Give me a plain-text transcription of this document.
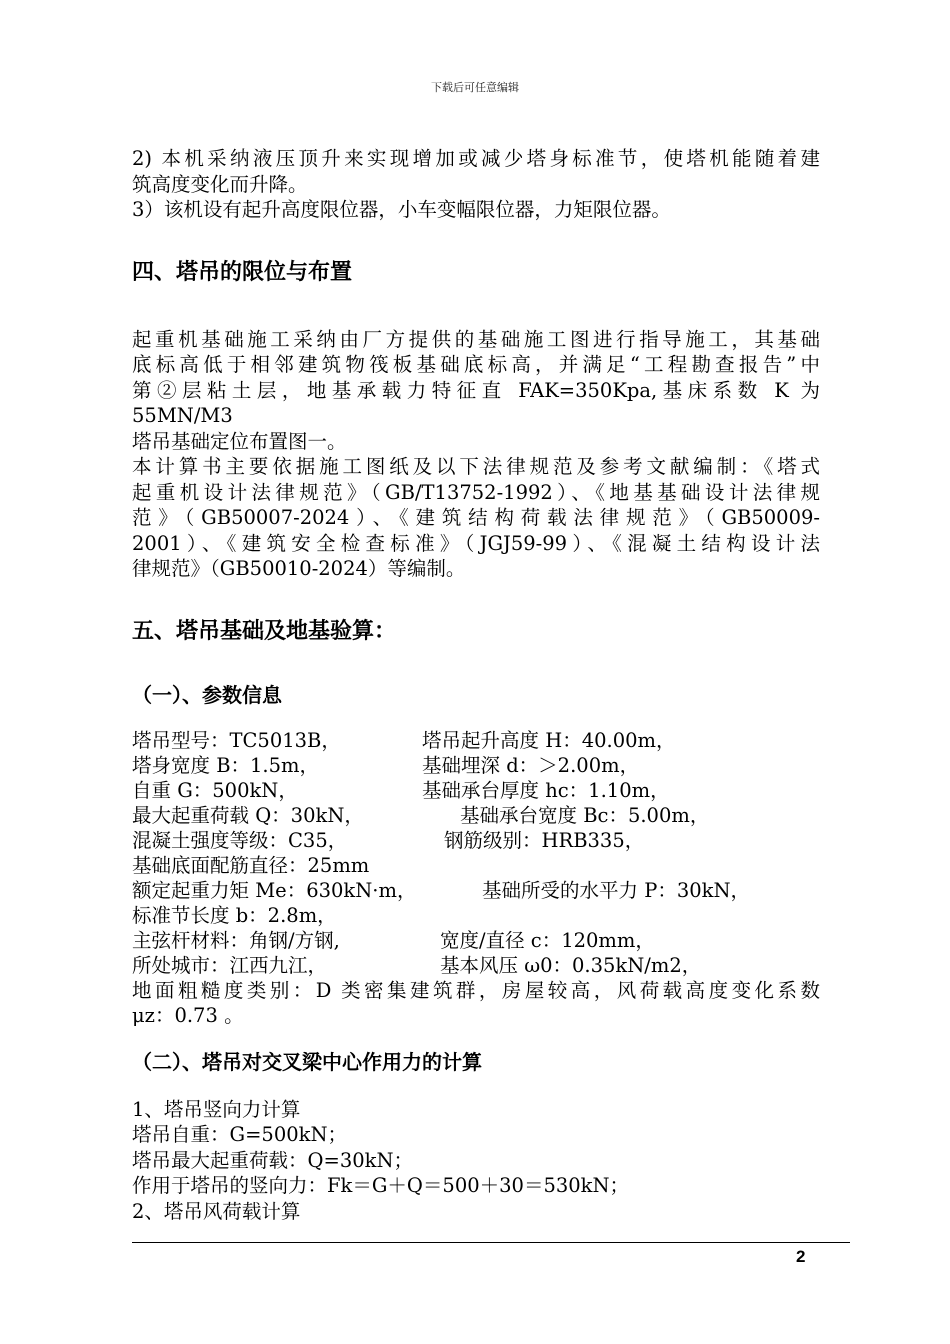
下载后可任意编辑

2) 本机采纳液压顶升来实现增加或减少塔身标准节，使塔机能随着建

筑高度变化而升降。

3）该机设有起升高度限位器，小车变幅限位器，力矩限位器。

四、塔吊的限位与布置

起重机基础施工采纳由厂方提供的基础施工图进行指导施工，其基础

底标高低于相邻建筑物筏板基础底标高，并满足“工程勘查报告”中

第②层粘土层，地基承载力特征直 FAK=350Kpa,基床系数 K 为

55MN/M3

塔吊基础定位布置图一。

本计算书主要依据施工图纸及以下法律规范及参考文献编制：《塔式

起重机设计法律规范》（GB/T13752-1992）、《地基基础设计法律规

范》（GB50007-2024）、《建筑结构荷载法律规范》（GB50009-

2001）、《建筑安全检查标准》（JGJ59-99）、《混凝土结构设计法

律规范》（GB50010-2024）等编制。

五、塔吊基础及地基验算：
（一）、参数信息
塔吊型号：TC5013B，	塔吊起升高度 H：40.00m，
塔身宽度 B：1.5m，	基础埋深 d：＞2.00m，
自重 G：500kN，	基础承台厚度 hc：1.10m，
最大起重荷载 Q：30kN，	基础承台宽度 Bc：5.00m，
混凝土强度等级：C35，	钢筋级别：HRB335，
基础底面配筋直径：25mm
额定起重力矩 Me：630kN·m，	基础所受的水平力 P：30kN，
标准节长度 b：2.8m，
主弦杆材料：角钢/方钢,	宽度/直径 c：120mm，
所处城市：江西九江，	基本风压 ω0：0.35kN/m2，

地面粗糙度类别：D 类密集建筑群，房屋较高，风荷载高度变化系数

μz：0.73 。

（二）、塔吊对交叉梁中心作用力的计算

1、塔吊竖向力计算

塔吊自重：G=500kN；

塔吊最大起重荷载：Q=30kN；

作用于塔吊的竖向力：Fk＝G＋Q＝500＋30＝530kN；

2、塔吊风荷载计算

2
